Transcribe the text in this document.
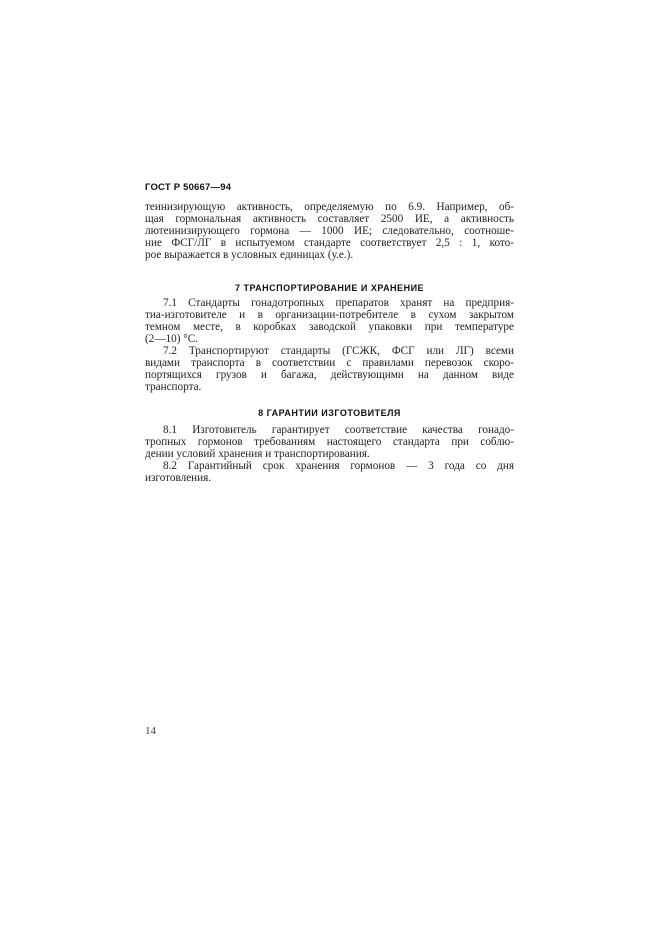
ГОСТ Р 50667—94
теинизирующую активность, определяемую по 6.9. Например, об-
щая гормональная активность составляет 2500 ИЕ, а активность
лютеинизирующего гормона — 1000 ИЕ; следовательно, соотноше-
ние ФСГ/ЛГ в испытуемом стандарте соответствует 2,5 : 1, кото-
рое выражается в условных единицах (у.е.).
7 ТРАНСПОРТИРОВАНИЕ И ХРАНЕНИЕ
7.1 Стандарты гонадотропных препаратов хранят на предприя-
тиа-изготовителе и в организации-потребителе в сухом закрытом
темном месте, в коробках заводской упаковки при температуре
(2—10) °С.
7.2 Транспортируют стандарты (ГСЖК, ФСГ или ЛГ) всеми
видами транспорта в соответствии с правилами перевозок скоро-
портящихся грузов и багажа, действующими на данном виде
транспорта.
8 ГАРАНТИИ ИЗГОТОВИТЕЛЯ
8.1 Изготовитель гарантирует соответствие качества гонадо-
тропных гормонов требованиям настоящего стандарта при соблю-
дении условий хранения и транспортирования.
8.2 Гарантийный срок хранения гормонов — 3 года со дня
изготовления.
14
